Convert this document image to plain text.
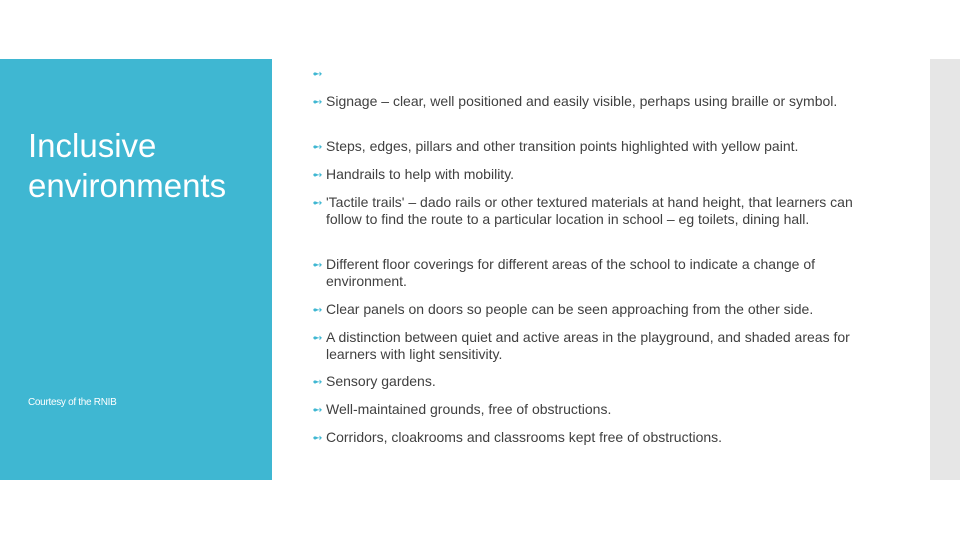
Inclusive environments
Courtesy of the RNIB
➻
➻ Signage – clear, well positioned and easily visible, perhaps using braille or symbol.
➻ Steps, edges, pillars and other transition points highlighted with yellow paint.
➻ Handrails to help with mobility.
➻ 'Tactile trails' – dado rails or other textured materials at hand height, that learners can follow to find the route to a particular location in school – eg toilets, dining hall.
➻ Different floor coverings for different areas of the school to indicate a change of environment.
➻ Clear panels on doors so people can be seen approaching from the other side.
➻ A distinction between quiet and active areas in the playground, and shaded areas for learners with light sensitivity.
➻ Sensory gardens.
➻ Well-maintained grounds, free of obstructions.
➻ Corridors, cloakrooms and classrooms kept free of obstructions.
